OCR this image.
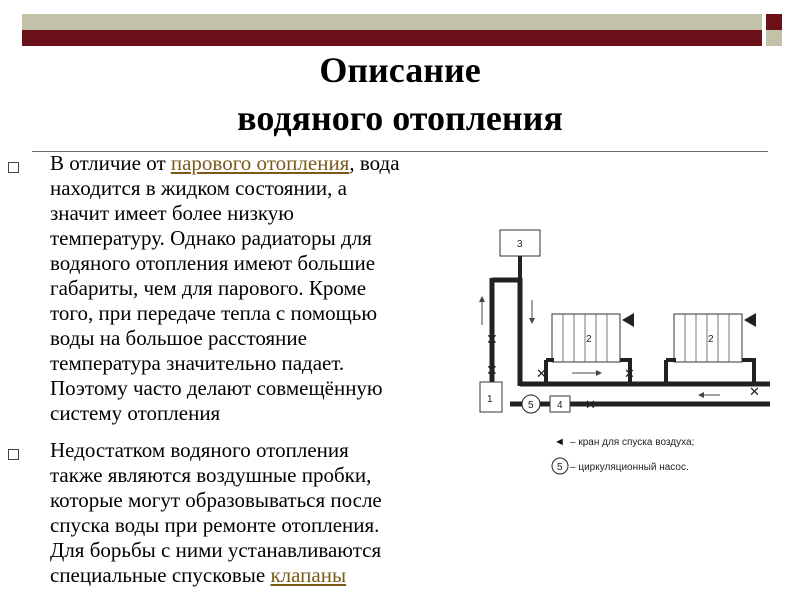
Описание
водяного отопления
В отличие от парового отопления, вода
находится в жидком состоянии, а
значит имеет более низкую
температуру. Однако радиаторы для
водяного отопления имеют большие
габариты, чем для парового. Кроме
того, при передаче тепла с помощью
воды на большое расстояние
температура значительно падает.
Поэтому часто делают совмещённую
систему отопления
Недостатком водяного отопления
также являются воздушные пробки,
которые могут образовываться после
спуска воды при ремонте отопления.
Для борьбы с ними устанавливаются
специальные спусковые клапаны
3
✕
✕
2
✕	✕
2
✕
1
5 4 ✕
◄ – кран для спуска воздуха;
5 – циркуляционный насос.
